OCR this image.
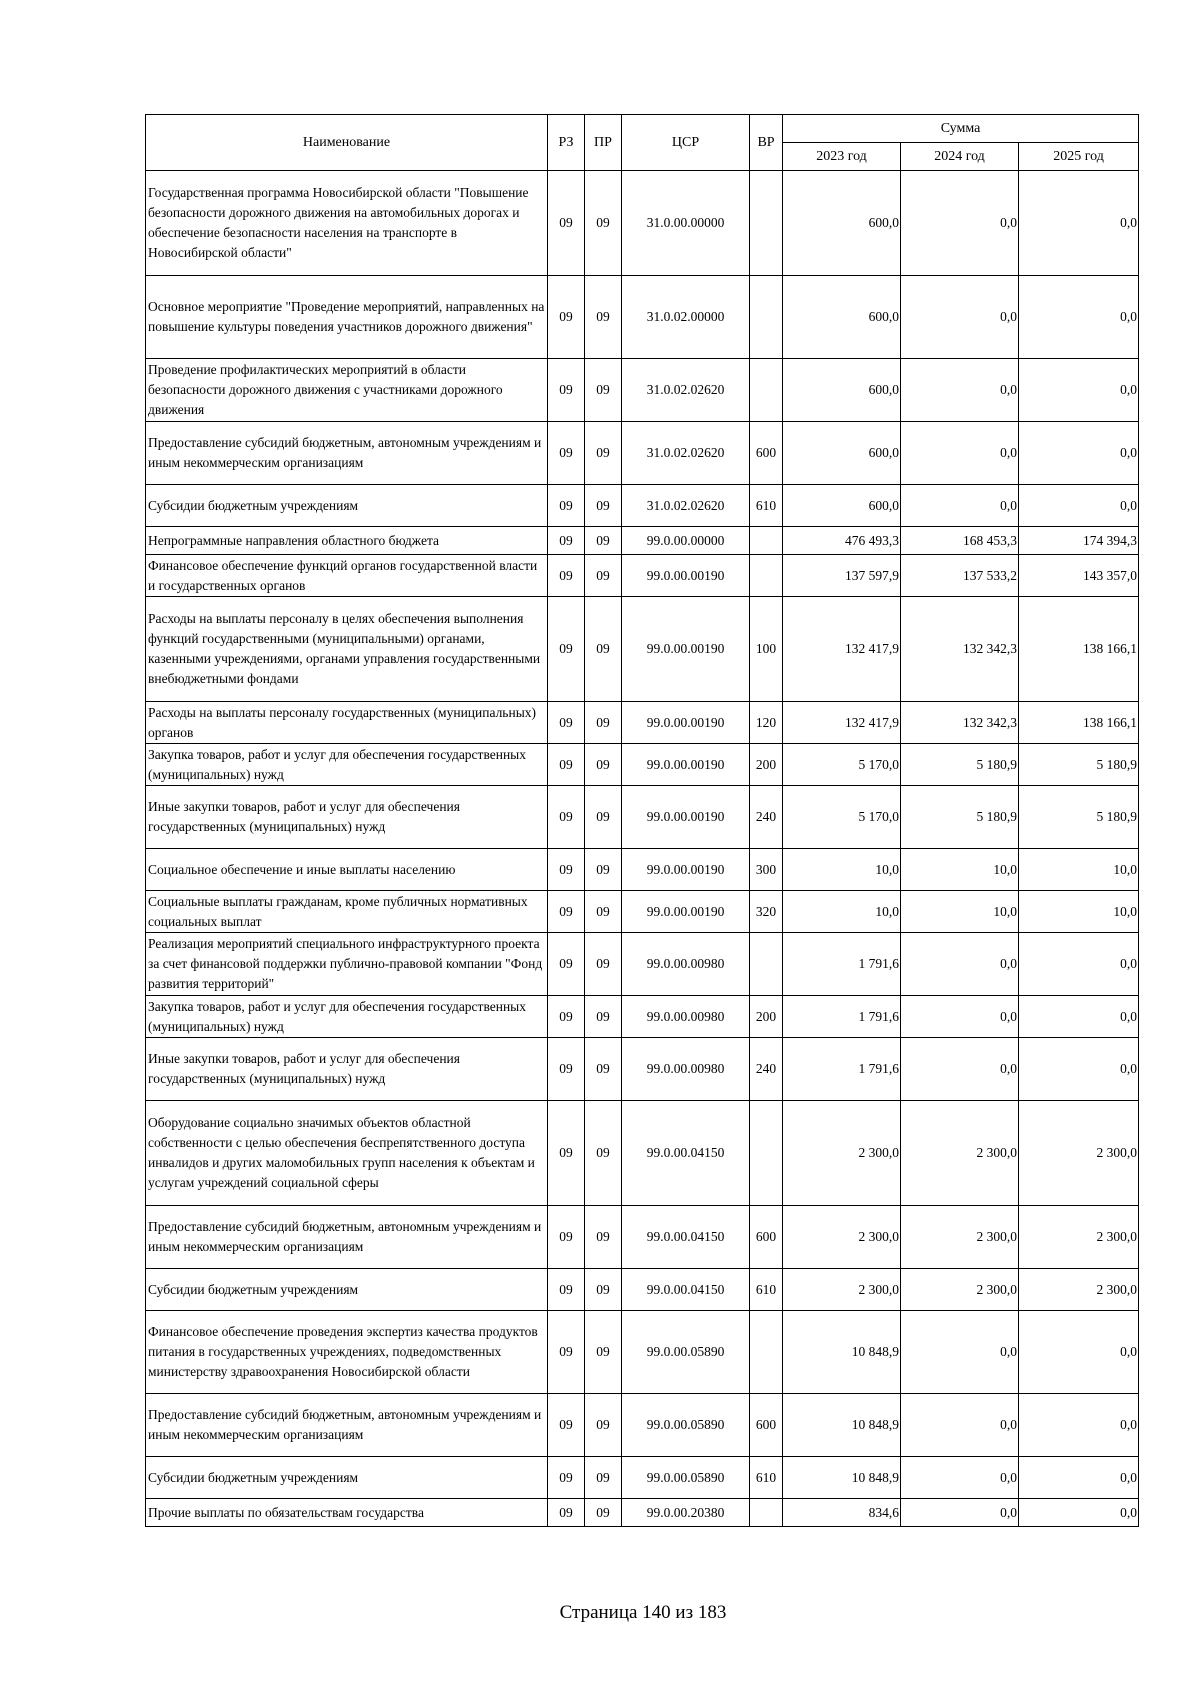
Наименование	РЗ	ПР	ЦСР	ВР	Сумма		
					2023 год	2024 год	2025 год
Государственная программа Новосибирской области "Повышение безопасности дорожного движения на автомобильных дорогах и обеспечение безопасности населения на транспорте в Новосибирской области"	09	09	31.0.00.00000		600,0	0,0	0,0
Основное мероприятие "Проведение мероприятий, направленных на повышение культуры поведения участников дорожного движения"	09	09	31.0.02.00000		600,0	0,0	0,0
Проведение профилактических мероприятий в области безопасности дорожного движения с участниками дорожного движения	09	09	31.0.02.02620		600,0	0,0	0,0
Предоставление субсидий бюджетным, автономным учреждениям и иным некоммерческим организациям	09	09	31.0.02.02620	600	600,0	0,0	0,0
Субсидии бюджетным учреждениям	09	09	31.0.02.02620	610	600,0	0,0	0,0
Непрограммные направления областного бюджета	09	09	99.0.00.00000		476 493,3	168 453,3	174 394,3
Финансовое обеспечение функций органов государственной власти и государственных органов	09	09	99.0.00.00190		137 597,9	137 533,2	143 357,0
Расходы на выплаты персоналу в целях обеспечения выполнения функций государственными (муниципальными) органами, казенными учреждениями, органами управления государственными внебюджетными фондами	09	09	99.0.00.00190	100	132 417,9	132 342,3	138 166,1
Расходы на выплаты персоналу государственных (муниципальных) органов	09	09	99.0.00.00190	120	132 417,9	132 342,3	138 166,1
Закупка товаров, работ и услуг для обеспечения государственных (муниципальных) нужд	09	09	99.0.00.00190	200	5 170,0	5 180,9	5 180,9
Иные закупки товаров, работ и услуг для обеспечения государственных (муниципальных) нужд	09	09	99.0.00.00190	240	5 170,0	5 180,9	5 180,9
Социальное обеспечение и иные выплаты населению	09	09	99.0.00.00190	300	10,0	10,0	10,0
Социальные выплаты гражданам, кроме публичных нормативных социальных выплат	09	09	99.0.00.00190	320	10,0	10,0	10,0
Реализация мероприятий специального инфраструктурного проекта за счет финансовой поддержки публично-правовой компании "Фонд развития территорий"	09	09	99.0.00.00980		1 791,6	0,0	0,0
Закупка товаров, работ и услуг для обеспечения государственных (муниципальных) нужд	09	09	99.0.00.00980	200	1 791,6	0,0	0,0
Иные закупки товаров, работ и услуг для обеспечения государственных (муниципальных) нужд	09	09	99.0.00.00980	240	1 791,6	0,0	0,0
Оборудование социально значимых объектов областной собственности с целью обеспечения беспрепятственного доступа инвалидов и других маломобильных групп населения к объектам и услугам учреждений социальной сферы	09	09	99.0.00.04150		2 300,0	2 300,0	2 300,0
Предоставление субсидий бюджетным, автономным учреждениям и иным некоммерческим организациям	09	09	99.0.00.04150	600	2 300,0	2 300,0	2 300,0
Субсидии бюджетным учреждениям	09	09	99.0.00.04150	610	2 300,0	2 300,0	2 300,0
Финансовое обеспечение проведения экспертиз качества продуктов питания в государственных учреждениях, подведомственных министерству здравоохранения Новосибирской области	09	09	99.0.00.05890		10 848,9	0,0	0,0
Предоставление субсидий бюджетным, автономным учреждениям и иным некоммерческим организациям	09	09	99.0.00.05890	600	10 848,9	0,0	0,0
Субсидии бюджетным учреждениям	09	09	99.0.00.05890	610	10 848,9	0,0	0,0
Прочие выплаты по обязательствам государства	09	09	99.0.00.20380		834,6	0,0	0,0
Страница 140 из 183
